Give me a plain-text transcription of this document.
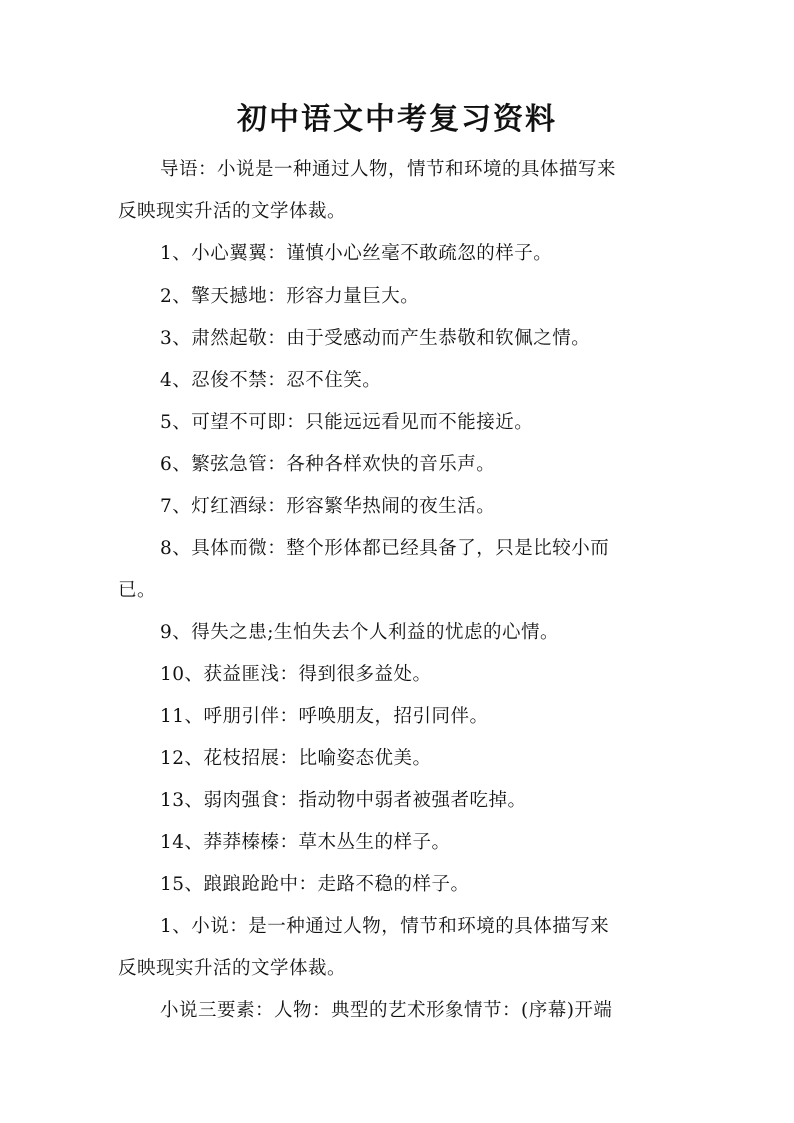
初中语文中考复习资料
导语：小说是一种通过人物，情节和环境的具体描写来
反映现实升活的文学体裁。
1、小心翼翼：谨慎小心丝毫不敢疏忽的样子。
2、擎天撼地：形容力量巨大。
3、肃然起敬：由于受感动而产生恭敬和钦佩之情。
4、忍俊不禁：忍不住笑。
5、可望不可即：只能远远看见而不能接近。
6、繁弦急管：各种各样欢快的音乐声。
7、灯红酒绿：形容繁华热闹的夜生活。
8、具体而微：整个形体都已经具备了，只是比较小而
已。
9、得失之患;生怕失去个人利益的忧虑的心情。
10、获益匪浅：得到很多益处。
11、呼朋引伴：呼唤朋友，招引同伴。
12、花枝招展：比喻姿态优美。
13、弱肉强食：指动物中弱者被强者吃掉。
14、莽莽榛榛：草木丛生的样子。
15、踉踉跄跄中：走路不稳的样子。
1、小说：是一种通过人物，情节和环境的具体描写来
反映现实升活的文学体裁。
小说三要素：人物：典型的艺术形象情节：(序幕)开端
